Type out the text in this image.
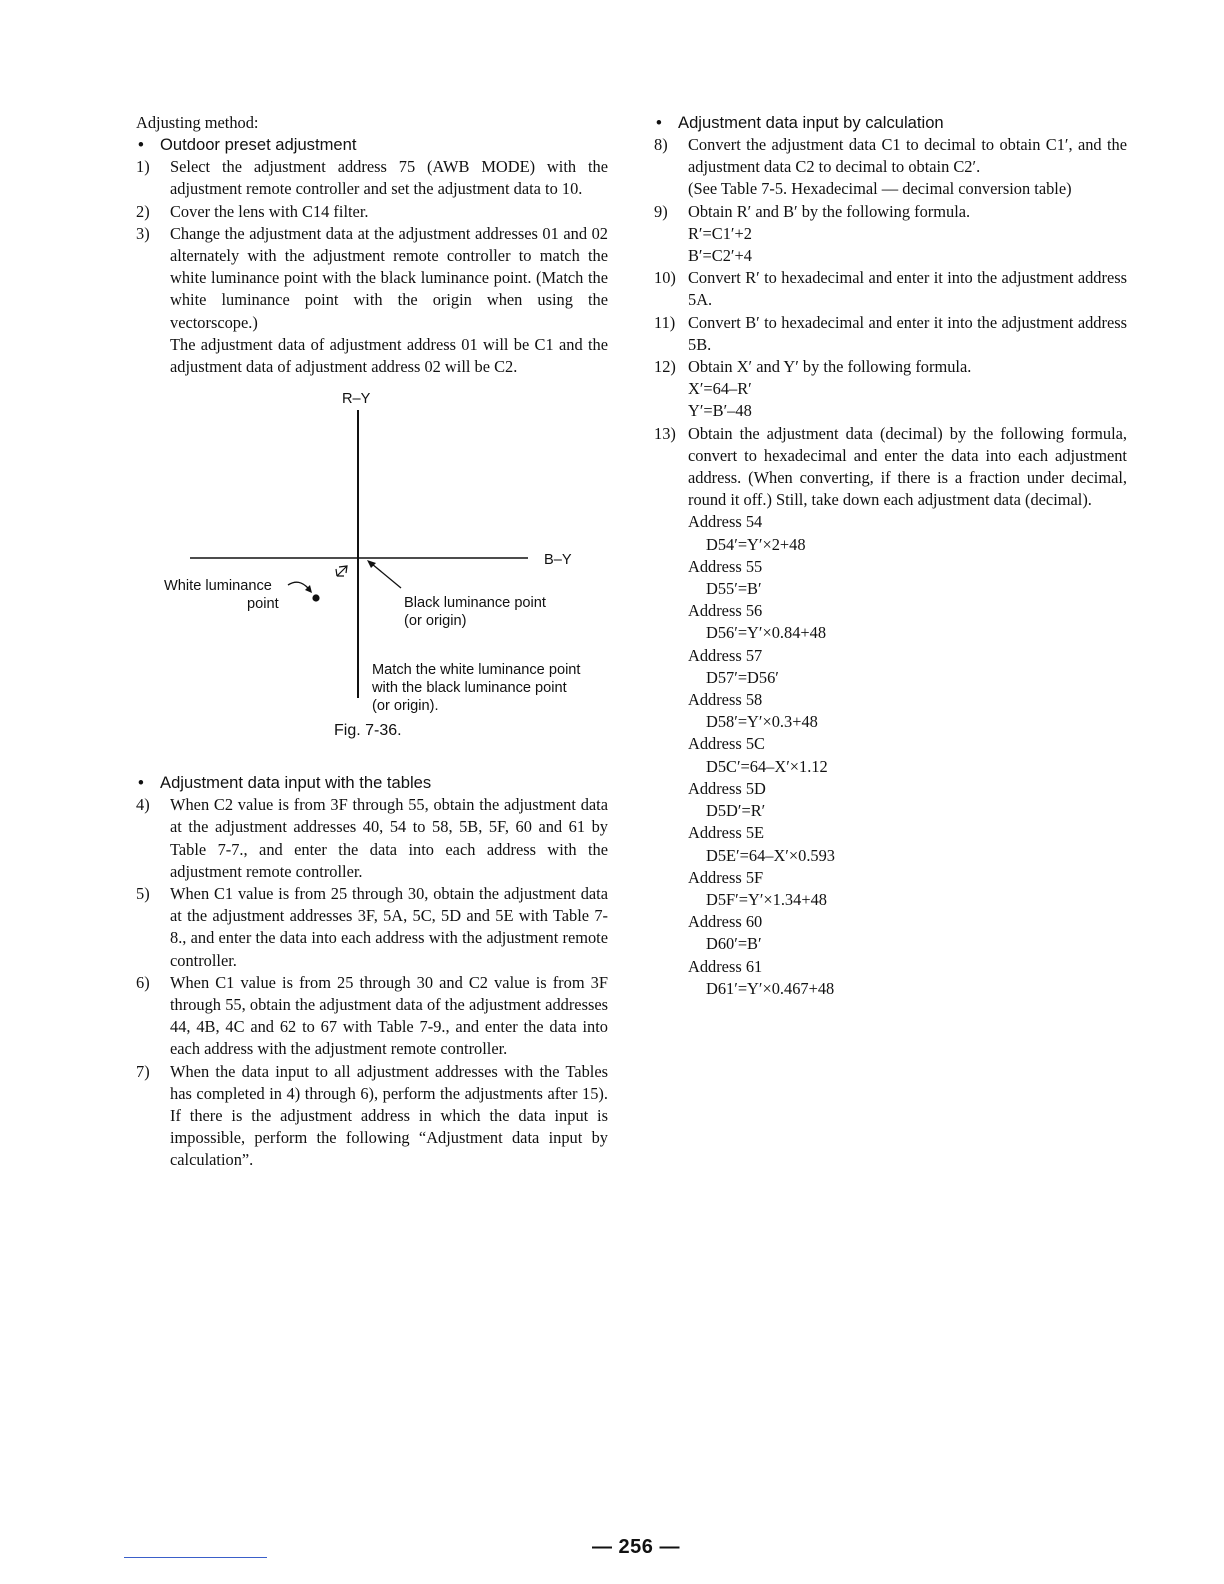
Adjusting method:

• Outdoor preset adjustment
1) Select the adjustment address 75 (AWB MODE) with the adjustment remote controller and set the adjustment data to 10.
2) Cover the lens with C14 filter.
3) Change the adjustment data at the adjustment addresses 01 and 02 alternately with the adjustment remote controller to match the white luminance point with the black luminance point. (Match the white luminance point with the origin when using the vectorscope.)

The adjustment data of adjustment address 01 will be C1 and the adjustment data of adjustment address 02 will be C2.

R–Y
B–Y
White luminance
point	Black luminance point
(or origin)
Match the white luminance point
with the black luminance point
(or origin).
Fig. 7-36.
• Adjustment data input with the tables
4) When C2 value is from 3F through 55, obtain the adjustment data at the adjustment addresses 40, 54 to 58, 5B, 5F, 60 and 61 by Table 7-7., and enter the data into each address with the adjustment remote controller.
5) When C1 value is from 25 through 30, obtain the adjustment data at the adjustment addresses 3F, 5A, 5C, 5D and 5E with Table 7-8., and enter the data into each address with the adjustment remote controller.
6) When C1 value is from 25 through 30 and C2 value is from 3F through 55, obtain the adjustment data of the adjustment addresses 44, 4B, 4C and 62 to 67 with Table 7-9., and enter the data into each address with the adjustment remote controller.
7) When the data input to all adjustment addresses with the Tables has completed in 4) through 6), perform the adjustments after 15). If there is the adjustment address in which the data input is impossible, perform the following “Adjustment data input by calculation”.
• Adjustment data input by calculation
8) Convert the adjustment data C1 to decimal to obtain C1′, and the adjustment data C2 to decimal to obtain C2′.

(See Table 7-5. Hexadecimal — decimal conversion table)

9) Obtain R′ and B′ by the following formula.

R′=C1′+2

B′=C2′+4

10) Convert R′ to hexadecimal and enter it into the adjustment address 5A.
11) Convert B′ to hexadecimal and enter it into the adjustment address 5B.
12) Obtain X′ and Y′ by the following formula.

X′=64–R′

Y′=B′–48

13) Obtain the adjustment data (decimal) by the following formula, convert to hexadecimal and enter the data into each adjustment address. (When converting, if there is a fraction under decimal, round it off.) Still, take down each adjustment data (decimal).

Address 54

D54′=Y′×2+48

Address 55

D55′=B′

Address 56

D56′=Y′×0.84+48

Address 57

D57′=D56′

Address 58

D58′=Y′×0.3+48

Address 5C

D5C′=64–X′×1.12

Address 5D

D5D′=R′

Address 5E

D5E′=64–X′×0.593

Address 5F

D5F′=Y′×1.34+48

Address 60

D60′=B′

Address 61

D61′=Y′×0.467+48

— 256 —
